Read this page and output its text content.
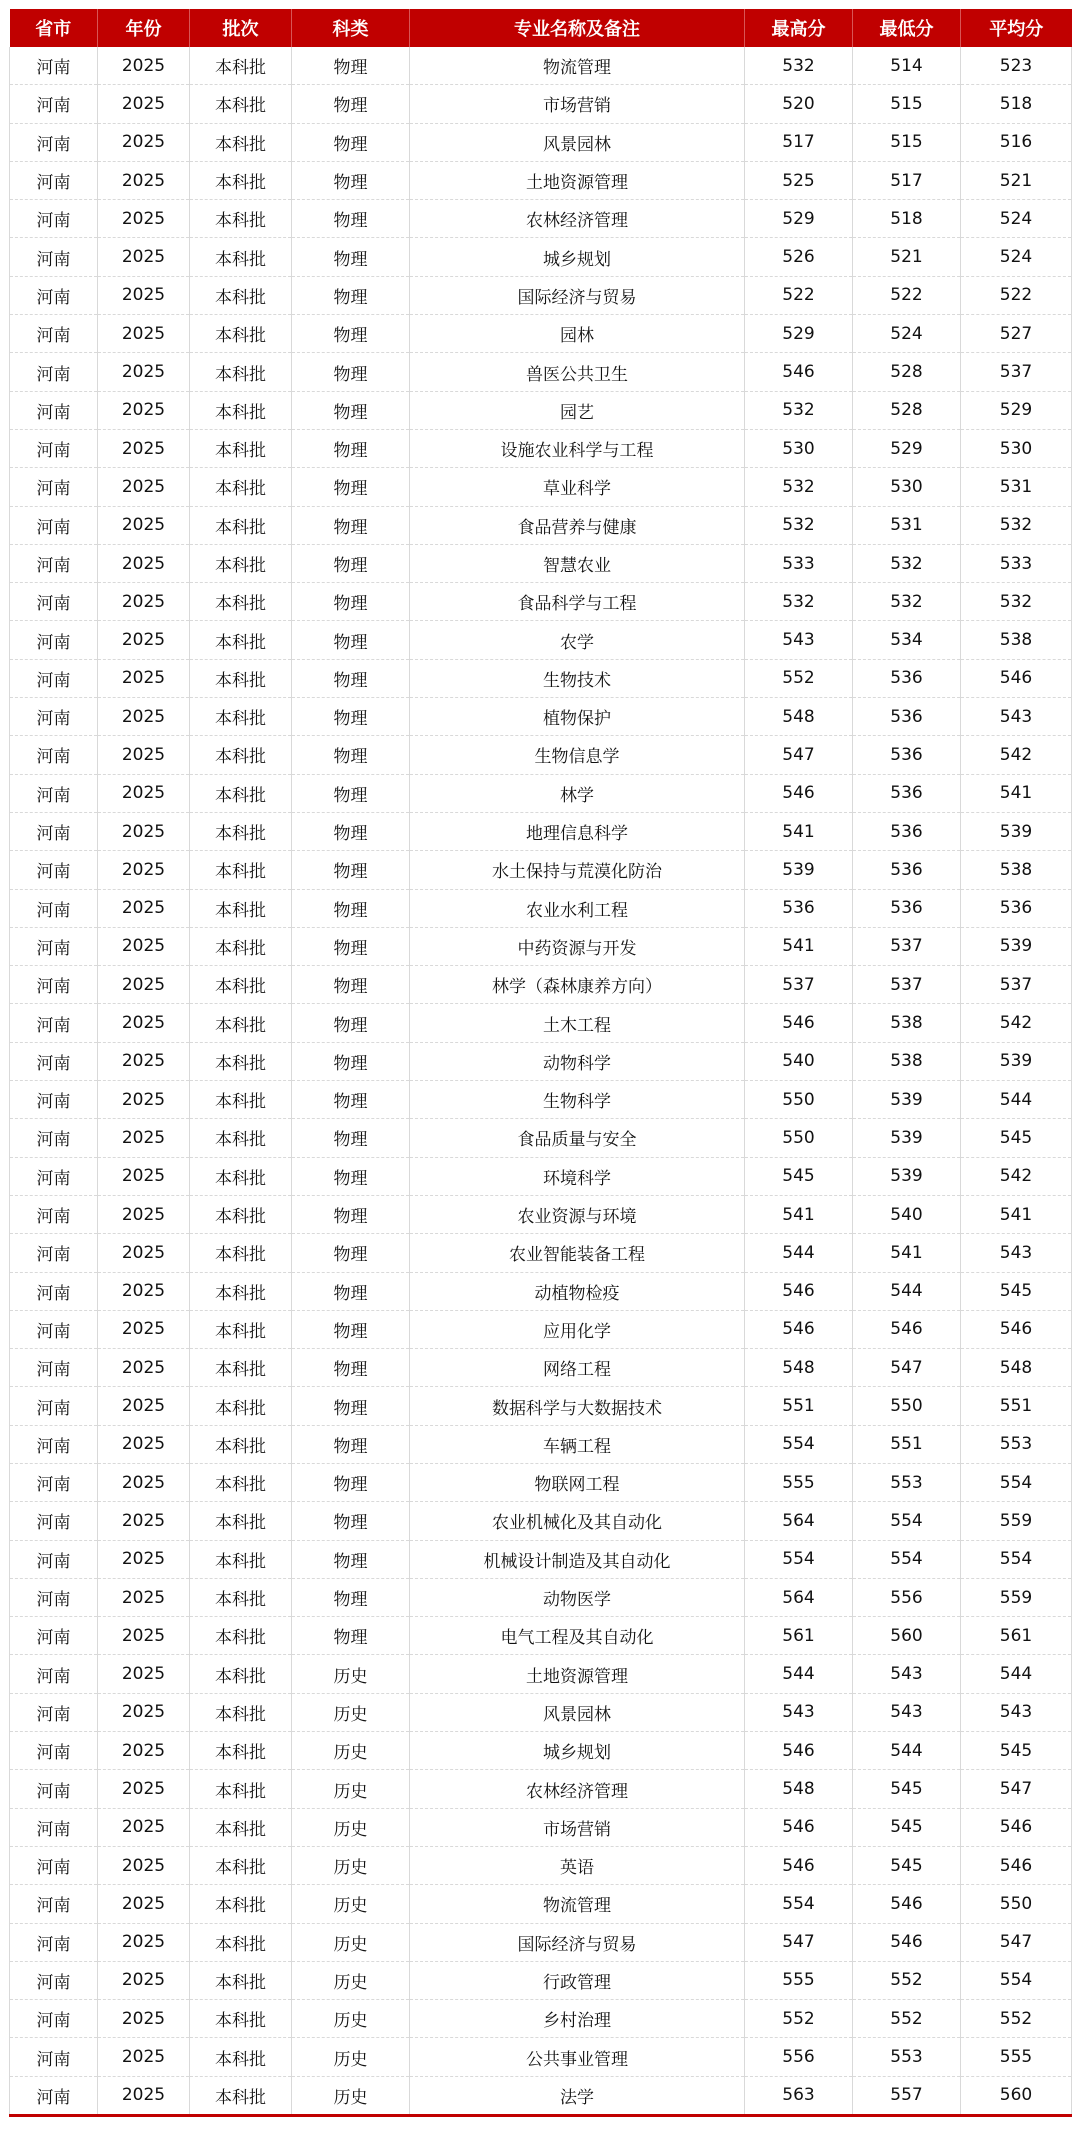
省市	年份	批次	科类	专业名称及备注	最高分	最低分	平均分
河南	2025	本科批	物理	物流管理	532	514	523
河南	2025	本科批	物理	市场营销	520	515	518
河南	2025	本科批	物理	风景园林	517	515	516
河南	2025	本科批	物理	土地资源管理	525	517	521
河南	2025	本科批	物理	农林经济管理	529	518	524
河南	2025	本科批	物理	城乡规划	526	521	524
河南	2025	本科批	物理	国际经济与贸易	522	522	522
河南	2025	本科批	物理	园林	529	524	527
河南	2025	本科批	物理	兽医公共卫生	546	528	537
河南	2025	本科批	物理	园艺	532	528	529
河南	2025	本科批	物理	设施农业科学与工程	530	529	530
河南	2025	本科批	物理	草业科学	532	530	531
河南	2025	本科批	物理	食品营养与健康	532	531	532
河南	2025	本科批	物理	智慧农业	533	532	533
河南	2025	本科批	物理	食品科学与工程	532	532	532
河南	2025	本科批	物理	农学	543	534	538
河南	2025	本科批	物理	生物技术	552	536	546
河南	2025	本科批	物理	植物保护	548	536	543
河南	2025	本科批	物理	生物信息学	547	536	542
河南	2025	本科批	物理	林学	546	536	541
河南	2025	本科批	物理	地理信息科学	541	536	539
河南	2025	本科批	物理	水土保持与荒漠化防治	539	536	538
河南	2025	本科批	物理	农业水利工程	536	536	536
河南	2025	本科批	物理	中药资源与开发	541	537	539
河南	2025	本科批	物理	林学（森林康养方向）	537	537	537
河南	2025	本科批	物理	土木工程	546	538	542
河南	2025	本科批	物理	动物科学	540	538	539
河南	2025	本科批	物理	生物科学	550	539	544
河南	2025	本科批	物理	食品质量与安全	550	539	545
河南	2025	本科批	物理	环境科学	545	539	542
河南	2025	本科批	物理	农业资源与环境	541	540	541
河南	2025	本科批	物理	农业智能装备工程	544	541	543
河南	2025	本科批	物理	动植物检疫	546	544	545
河南	2025	本科批	物理	应用化学	546	546	546
河南	2025	本科批	物理	网络工程	548	547	548
河南	2025	本科批	物理	数据科学与大数据技术	551	550	551
河南	2025	本科批	物理	车辆工程	554	551	553
河南	2025	本科批	物理	物联网工程	555	553	554
河南	2025	本科批	物理	农业机械化及其自动化	564	554	559
河南	2025	本科批	物理	机械设计制造及其自动化	554	554	554
河南	2025	本科批	物理	动物医学	564	556	559
河南	2025	本科批	物理	电气工程及其自动化	561	560	561
河南	2025	本科批	历史	土地资源管理	544	543	544
河南	2025	本科批	历史	风景园林	543	543	543
河南	2025	本科批	历史	城乡规划	546	544	545
河南	2025	本科批	历史	农林经济管理	548	545	547
河南	2025	本科批	历史	市场营销	546	545	546
河南	2025	本科批	历史	英语	546	545	546
河南	2025	本科批	历史	物流管理	554	546	550
河南	2025	本科批	历史	国际经济与贸易	547	546	547
河南	2025	本科批	历史	行政管理	555	552	554
河南	2025	本科批	历史	乡村治理	552	552	552
河南	2025	本科批	历史	公共事业管理	556	553	555
河南	2025	本科批	历史	法学	563	557	560
